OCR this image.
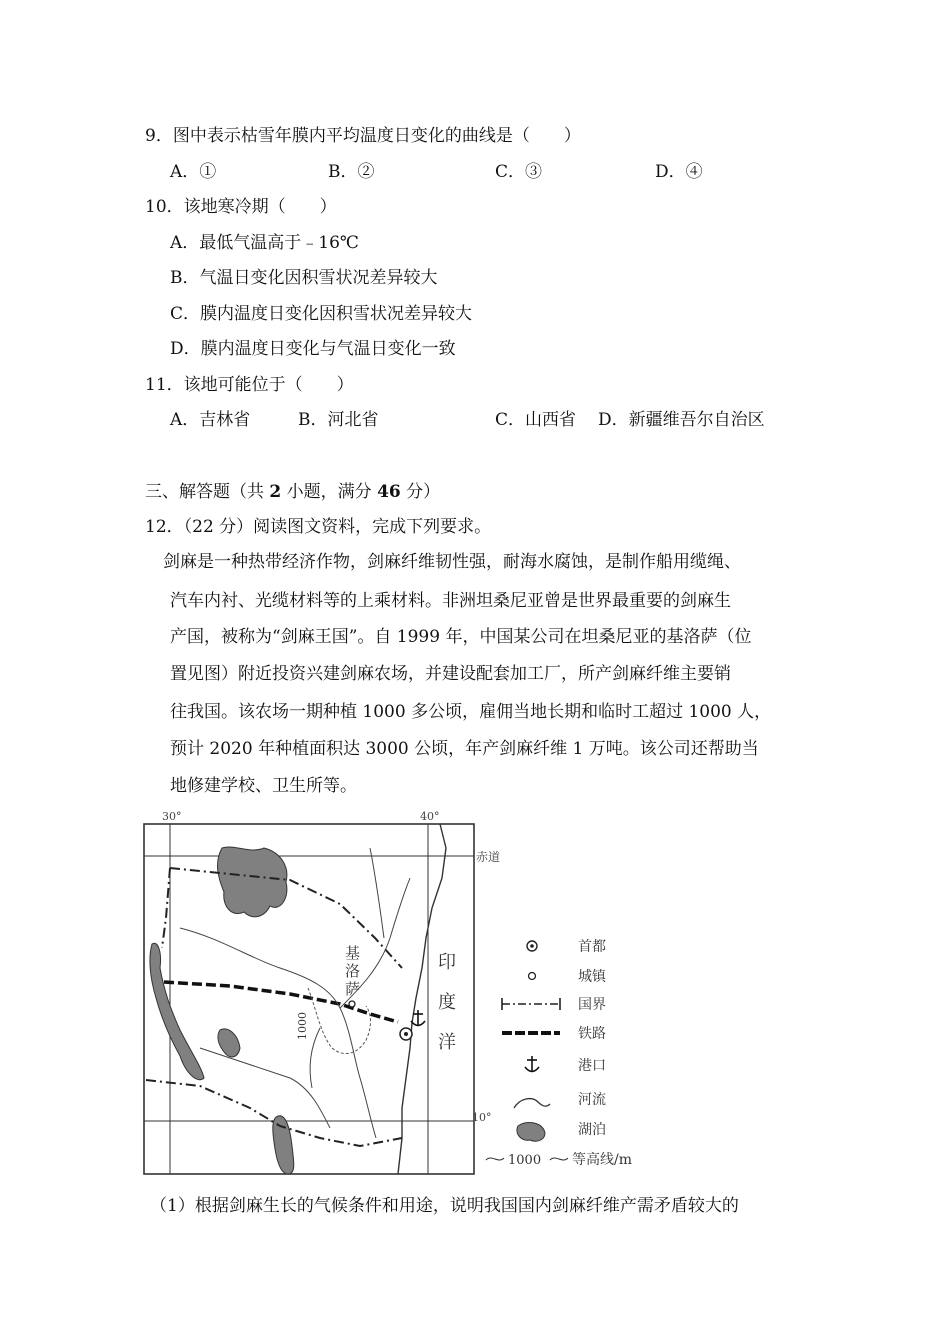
9．图中表示枯雪年膜内平均温度日变化的曲线是（　　）
A．①	B．②	C．③	D．④
10．该地寒冷期（　　）
A．最低气温高于﹣16℃
B．气温日变化因积雪状况差异较大
C．膜内温度日变化因积雪状况差异较大
D．膜内温度日变化与气温日变化一致
11．该地可能位于（　　）
A．吉林省	B．河北省	C．山西省 D．新疆维吾尔自治区
三、解答题（共 2 小题，满分 46 分）
12．（22 分）阅读图文资料，完成下列要求。
剑麻是一种热带经济作物，剑麻纤维韧性强，耐海水腐蚀，是制作船用缆绳、
汽车内衬、光缆材料等的上乘材料。非洲坦桑尼亚曾是世界最重要的剑麻生
产国，被称为“剑麻王国”。自 1999 年，中国某公司在坦桑尼亚的基洛萨（位
置见图）附近投资兴建剑麻农场，并建设配套加工厂，所产剑麻纤维主要销
往我国。该农场一期种植 1000 多公顷，雇佣当地长期和临时工超过 1000 人，
预计 2020 年种植面积达 3000 公顷，年产剑麻纤维 1 万吨。该公司还帮助当
地修建学校、卫生所等。
30°	40°
赤道
10°
1000
基
洛
萨
印
度
洋
首都
城镇
国界
铁路
港口
河流
湖泊
1000 等高线/m
（1）根据剑麻生长的气候条件和用途，说明我国国内剑麻纤维产需矛盾较大的
